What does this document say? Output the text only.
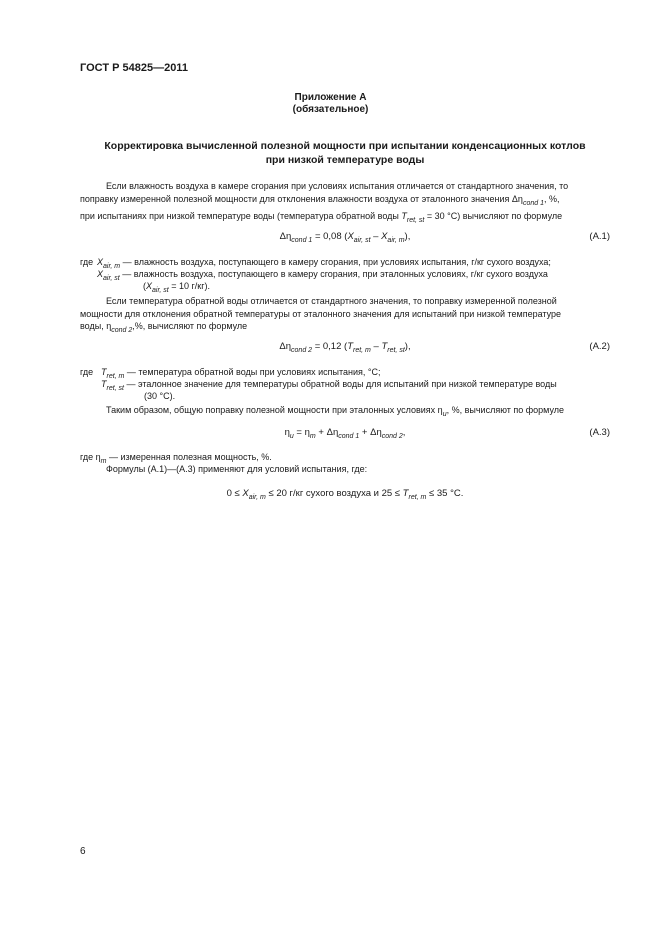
ГОСТ Р 54825—2011
Приложение А
(обязательное)
Корректировка вычисленной полезной мощности при испытании конденсационных котлов
при низкой температуре воды
Если влажность воздуха в камере сгорания при условиях испытания отличается от стандартного значения, то
поправку измеренной полезной мощности для отклонения влажности воздуха от эталонного значения $\Delta\eta_{cond 1}$, %,
при испытаниях при низкой температуре воды (температура обратной воды $T_{ret, st} = 30$ °С) вычисляют по формуле
$\Delta\eta_{cond 1} = 0,08$ $(X_{air, st} - X_{air, m})$,	(А.1)
где $X_{air, m}$ — влажность воздуха, поступающего в камеру сгорания, при условиях испытания, г/кг сухого воздуха;
$X_{air, st}$ — влажность воздуха, поступающего в камеру сгорания, при эталонных условиях, г/кг сухого воздуха
($X_{air, st} = 10$ г/кг).
Если температура обратной воды отличается от стандартного значения, то поправку измеренной полезной
мощности для отклонения обратной температуры от эталонного значения для испытаний при низкой температуре
воды, $\eta_{cond 2},\%$, вычисляют по формуле
$\Delta\eta_{cond 2} = 0,12$ $(T_{ret, m} - T_{ret, st})$,	(А.2)
где $T_{ret, m}$ — температура обратной воды при условиях испытания, °С;
$T_{ret, st}$ — эталонное значение для температуры обратной воды для испытаний при низкой температуре воды
(30 °С).
Таким образом, общую поправку полезной мощности при эталонных условиях $\eta_u$, %, вычисляют по формуле
$\eta_u = \eta_m + \Delta\eta_{cond 1} + \Delta\eta_{cond 2}$,	(А.3)
где $\eta_m$ — измеренная полезная мощность, %.
Формулы (А.1)—(А.3) применяют для условий испытания, где:
$0 \le X_{air, m} \le 20$ г/кг сухого воздуха и $25 \le T_{ret, m} \le 35$ °С.
6
